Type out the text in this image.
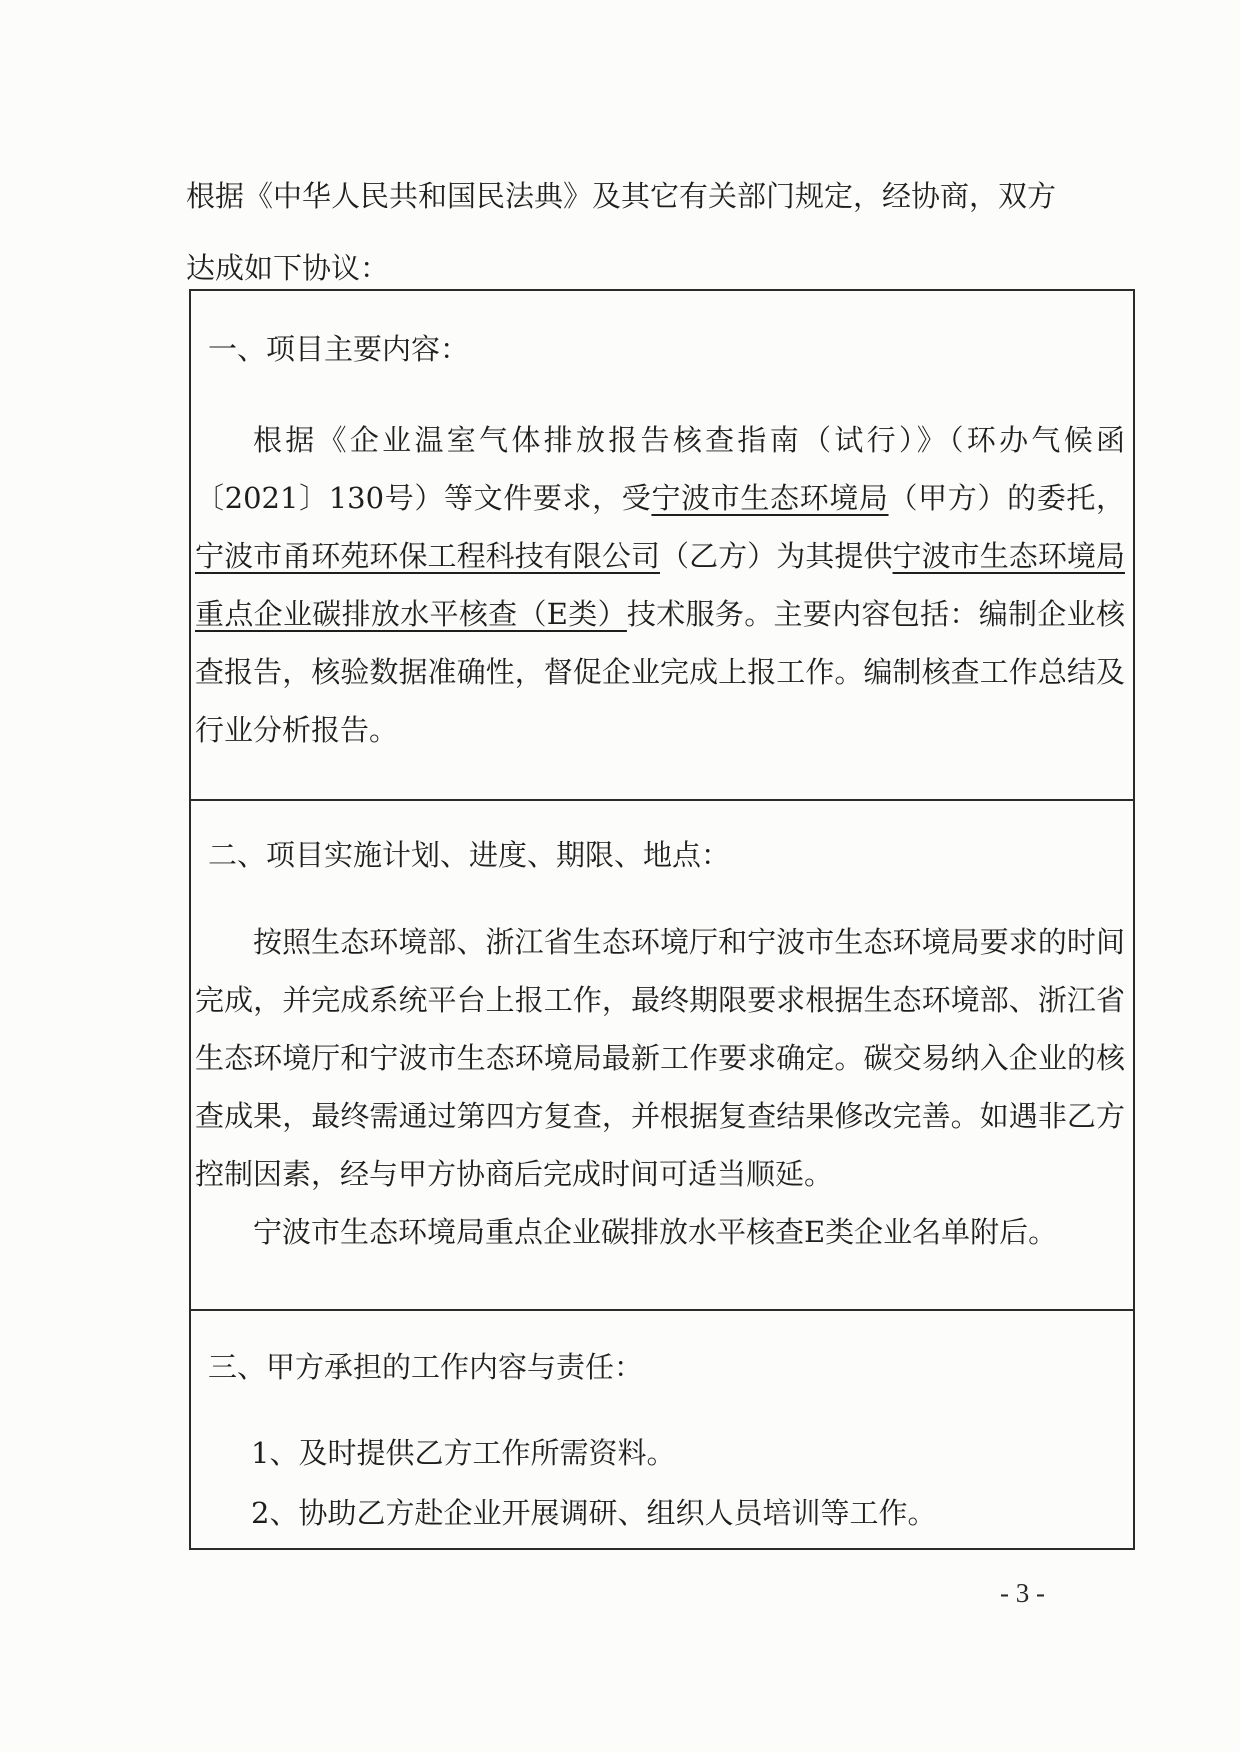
根据《中华人民共和国民法典》及其它有关部门规定，经协商，双方

达成如下协议：

一、项目主要内容：

根据《企业温室气体排放报告核查指南（试行）》（环办气候函〔2021〕130号）等文件要求，受宁波市生态环境局（甲方）的委托，宁波市甬环苑环保工程科技有限公司（乙方）为其提供宁波市生态环境局重点企业碳排放水平核查（E类）技术服务。主要内容包括：编制企业核查报告，核验数据准确性，督促企业完成上报工作。编制核查工作总结及行业分析报告。

二、项目实施计划、进度、期限、地点：

按照生态环境部、浙江省生态环境厅和宁波市生态环境局要求的时间完成，并完成系统平台上报工作，最终期限要求根据生态环境部、浙江省生态环境厅和宁波市生态环境局最新工作要求确定。碳交易纳入企业的核查成果，最终需通过第四方复查，并根据复查结果修改完善。如遇非乙方控制因素，经与甲方协商后完成时间可适当顺延。

宁波市生态环境局重点企业碳排放水平核查E类企业名单附后。

三、甲方承担的工作内容与责任：
1、及时提供乙方工作所需资料。
2、协助乙方赴企业开展调研、组织人员培训等工作。
- 3 -
